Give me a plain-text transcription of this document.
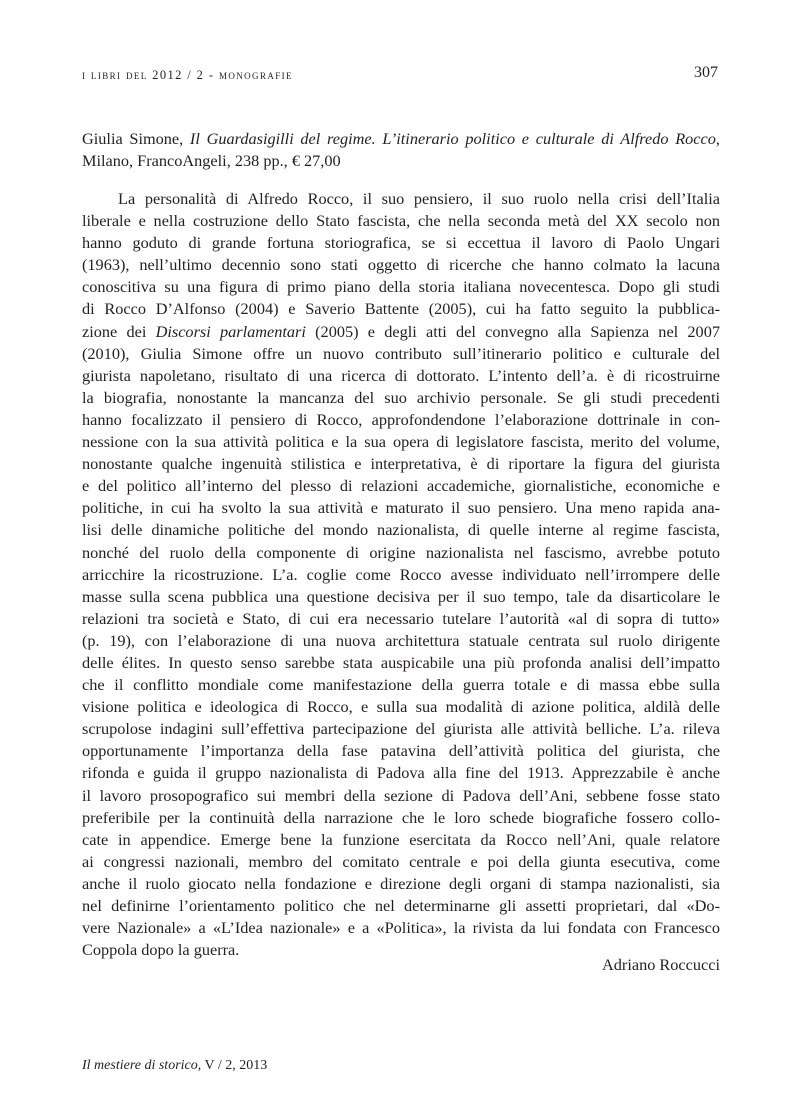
i libri del 2012 / 2 - monografie	307
Giulia Simone, Il Guardasigilli del regime. L’itinerario politico e culturale di Alfredo Rocco,
Milano, FrancoAngeli, 238 pp., € 27,00
La personalità di Alfredo Rocco, il suo pensiero, il suo ruolo nella crisi dell’Italia
liberale e nella costruzione dello Stato fascista, che nella seconda metà del XX secolo non
hanno goduto di grande fortuna storiografica, se si eccettua il lavoro di Paolo Ungari
(1963), nell’ultimo decennio sono stati oggetto di ricerche che hanno colmato la lacuna
conoscitiva su una figura di primo piano della storia italiana novecentesca. Dopo gli studi
di Rocco D’Alfonso (2004) e Saverio Battente (2005), cui ha fatto seguito la pubblica-
zione dei Discorsi parlamentari (2005) e degli atti del convegno alla Sapienza nel 2007
(2010), Giulia Simone offre un nuovo contributo sull’itinerario politico e culturale del
giurista napoletano, risultato di una ricerca di dottorato. L’intento dell’a. è di ricostruirne
la biografia, nonostante la mancanza del suo archivio personale. Se gli studi precedenti
hanno focalizzato il pensiero di Rocco, approfondendone l’elaborazione dottrinale in con-
nessione con la sua attività politica e la sua opera di legislatore fascista, merito del volume,
nonostante qualche ingenuità stilistica e interpretativa, è di riportare la figura del giurista
e del politico all’interno del plesso di relazioni accademiche, giornalistiche, economiche e
politiche, in cui ha svolto la sua attività e maturato il suo pensiero. Una meno rapida ana-
lisi delle dinamiche politiche del mondo nazionalista, di quelle interne al regime fascista,
nonché del ruolo della componente di origine nazionalista nel fascismo, avrebbe potuto
arricchire la ricostruzione. L’a. coglie come Rocco avesse individuato nell’irrompere delle
masse sulla scena pubblica una questione decisiva per il suo tempo, tale da disarticolare le
relazioni tra società e Stato, di cui era necessario tutelare l’autorità «al di sopra di tutto»
(p. 19), con l’elaborazione di una nuova architettura statuale centrata sul ruolo dirigente
delle élites. In questo senso sarebbe stata auspicabile una più profonda analisi dell’impatto
che il conflitto mondiale come manifestazione della guerra totale e di massa ebbe sulla
visione politica e ideologica di Rocco, e sulla sua modalità di azione politica, aldilà delle
scrupolose indagini sull’effettiva partecipazione del giurista alle attività belliche. L’a. rileva
opportunamente l’importanza della fase patavina dell’attività politica del giurista, che
rifonda e guida il gruppo nazionalista di Padova alla fine del 1913. Apprezzabile è anche
il lavoro prosopografico sui membri della sezione di Padova dell’Ani, sebbene fosse stato
preferibile per la continuità della narrazione che le loro schede biografiche fossero collo-
cate in appendice. Emerge bene la funzione esercitata da Rocco nell’Ani, quale relatore
ai congressi nazionali, membro del comitato centrale e poi della giunta esecutiva, come
anche il ruolo giocato nella fondazione e direzione degli organi di stampa nazionalisti, sia
nel definirne l’orientamento politico che nel determinarne gli assetti proprietari, dal «Do-
vere Nazionale» a «L’Idea nazionale» e a «Politica», la rivista da lui fondata con Francesco
Coppola dopo la guerra.
Adriano Roccucci
Il mestiere di storico, V / 2, 2013
